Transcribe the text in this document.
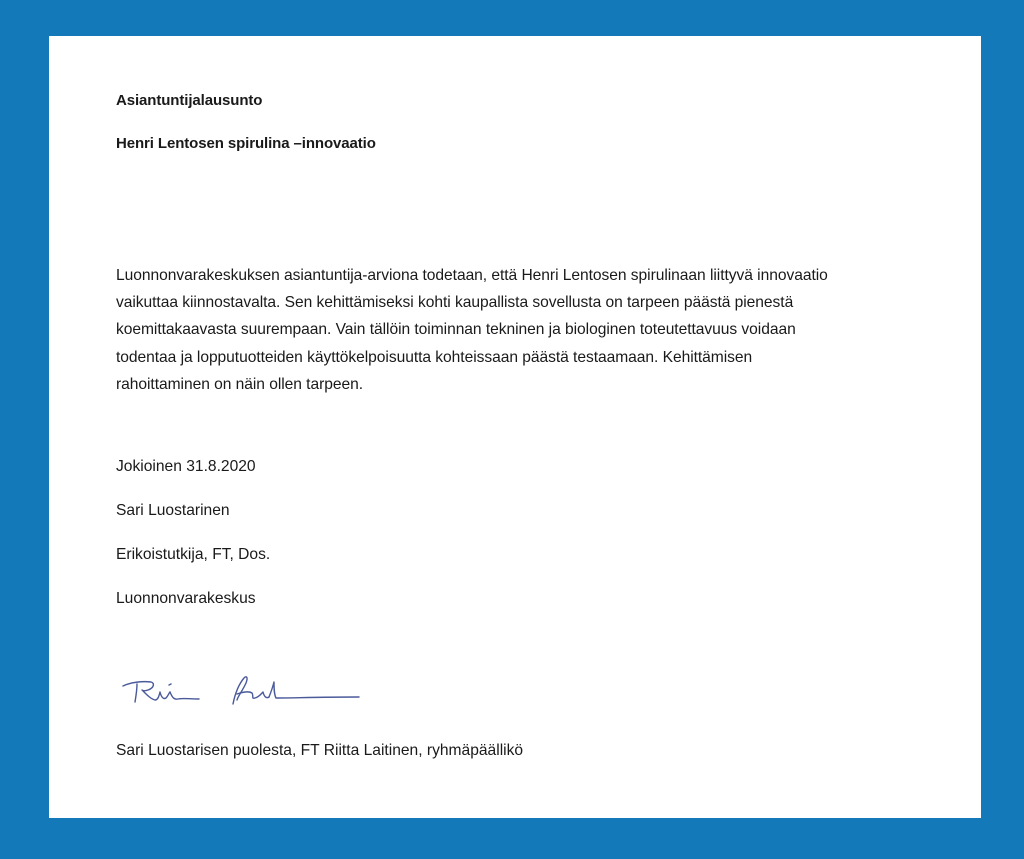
Asiantuntijalausunto
Henri Lentosen spirulina –innovaatio
Luonnonvarakeskuksen asiantuntija-arviona todetaan, että Henri Lentosen spirulinaan liittyvä innovaatio
vaikuttaa kiinnostavalta. Sen kehittämiseksi kohti kaupallista sovellusta on tarpeen päästä pienestä
koemittakaavasta suurempaan. Vain tällöin toiminnan tekninen ja biologinen toteutettavuus voidaan
todentaa ja lopputuotteiden käyttökelpoisuutta kohteissaan päästä testaamaan. Kehittämisen
rahoittaminen on näin ollen tarpeen.
Jokioinen 31.8.2020
Sari Luostarinen
Erikoistutkija, FT, Dos.
Luonnonvarakeskus
Sari Luostarisen puolesta, FT Riitta Laitinen, ryhmäpäällikö
